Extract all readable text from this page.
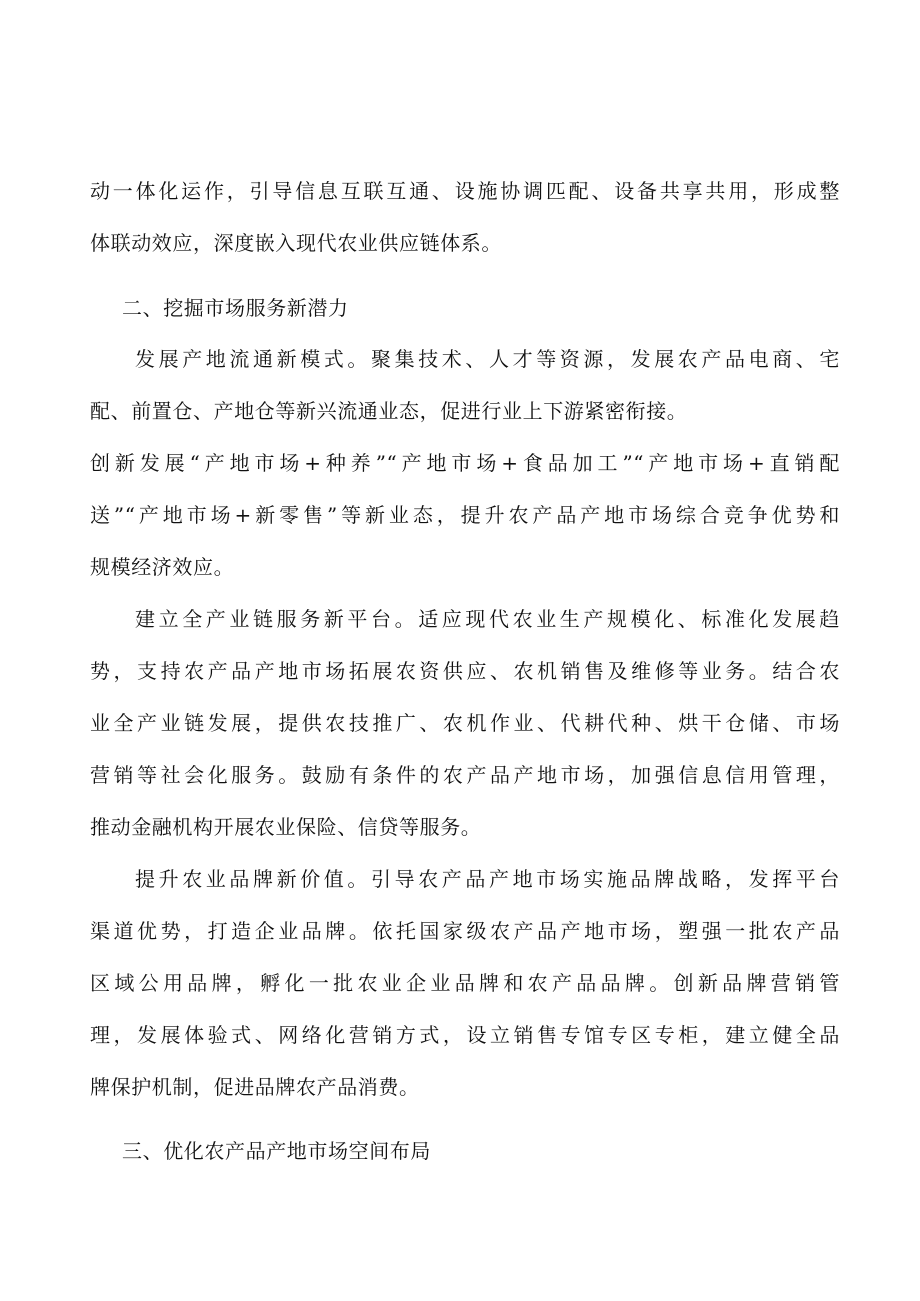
动一体化运作，引导信息互联互通、设施协调匹配、设备共享共用，形成整

体联动效应，深度嵌入现代农业供应链体系。

二、挖掘市场服务新潜力

发展产地流通新模式。聚集技术、人才等资源，发展农产品电商、宅

配、前置仓、产地仓等新兴流通业态，促进行业上下游紧密衔接。

创新发展“产地市场+种养”“产地市场+食品加工”“产地市场+直销配

送”“产地市场+新零售”等新业态，提升农产品产地市场综合竞争优势和

规模经济效应。

建立全产业链服务新平台。适应现代农业生产规模化、标准化发展趋

势，支持农产品产地市场拓展农资供应、农机销售及维修等业务。结合农

业全产业链发展，提供农技推广、农机作业、代耕代种、烘干仓储、市场

营销等社会化服务。鼓励有条件的农产品产地市场，加强信息信用管理，

推动金融机构开展农业保险、信贷等服务。

提升农业品牌新价值。引导农产品产地市场实施品牌战略，发挥平台

渠道优势，打造企业品牌。依托国家级农产品产地市场，塑强一批农产品

区域公用品牌，孵化一批农业企业品牌和农产品品牌。创新品牌营销管

理，发展体验式、网络化营销方式，设立销售专馆专区专柜，建立健全品

牌保护机制，促进品牌农产品消费。

三、优化农产品产地市场空间布局
